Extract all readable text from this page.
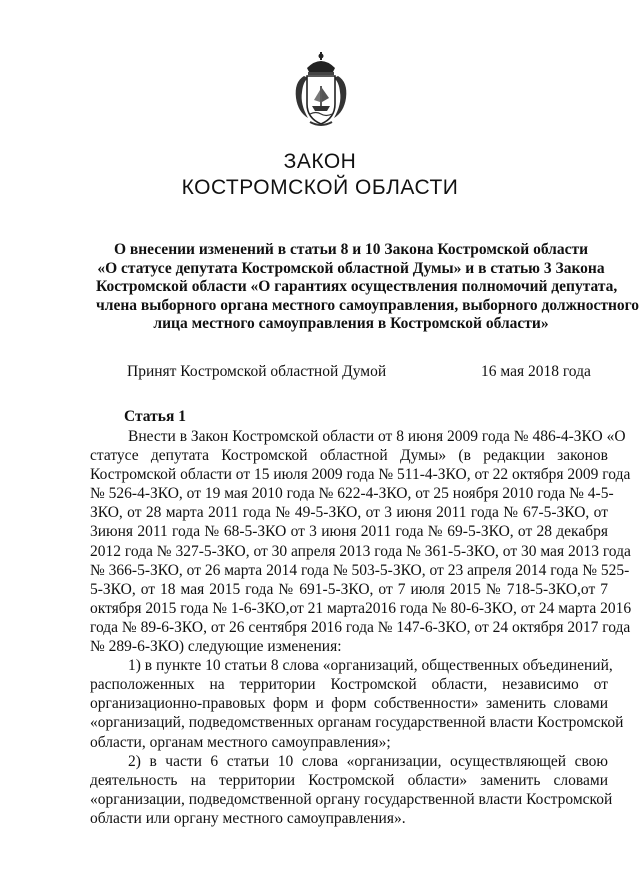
ЗАКОН
КОСТРОМСКОЙ ОБЛАСТИ
О внесении изменений в статьи 8 и 10 Закона Костромской области
«О статусе депутата Костромской областной Думы» и в статью 3 Закона
Костромской области «О гарантиях осуществления полномочий депутата,
члена выборного органа местного самоуправления, выборного должностного
лица местного самоуправления в Костромской области»
Принят Костромской областной Думой	16 мая 2018 года
Статья 1
Внести в Закон Костромской области от 8 июня 2009 года № 486-4-ЗКО «О
статусе депутата Костромской областной Думы» (в редакции законов
Костромской области от 15 июля 2009 года № 511-4-ЗКО, от 22 октября 2009 года
№ 526-4-ЗКО, от 19 мая 2010 года № 622-4-ЗКО, от 25 ноября 2010 года № 4-5-
ЗКО, от 28 марта 2011 года № 49-5-ЗКО, от 3 июня 2011 года № 67-5-ЗКО, от
3июня 2011 года № 68-5-ЗКО от 3 июня 2011 года № 69-5-ЗКО, от 28 декабря
2012 года № 327-5-ЗКО, от 30 апреля 2013 года № 361-5-ЗКО, от 30 мая 2013 года
№ 366-5-ЗКО, от 26 марта 2014 года № 503-5-ЗКО, от 23 апреля 2014 года № 525-
5-ЗКО, от 18 мая 2015 года № 691-5-ЗКО, от 7 июля 2015 № 718-5-ЗКО,от 7
октября 2015 года № 1-6-ЗКО,от 21 марта2016 года № 80-6-ЗКО, от 24 марта 2016
года № 89-6-ЗКО, от 26 сентября 2016 года № 147-6-ЗКО, от 24 октября 2017 года
№ 289-6-ЗКО) следующие изменения:
1) в пункте 10 статьи 8 слова «организаций, общественных объединений,
расположенных на территории Костромской области, независимо от
организационно-правовых форм и форм собственности» заменить словами
«организаций, подведомственных органам государственной власти Костромской
области, органам местного самоуправления»;
2) в части 6 статьи 10 слова «организации, осуществляющей свою
деятельность на территории Костромской области» заменить словами
«организации, подведомственной органу государственной власти Костромской
области или органу местного самоуправления».
